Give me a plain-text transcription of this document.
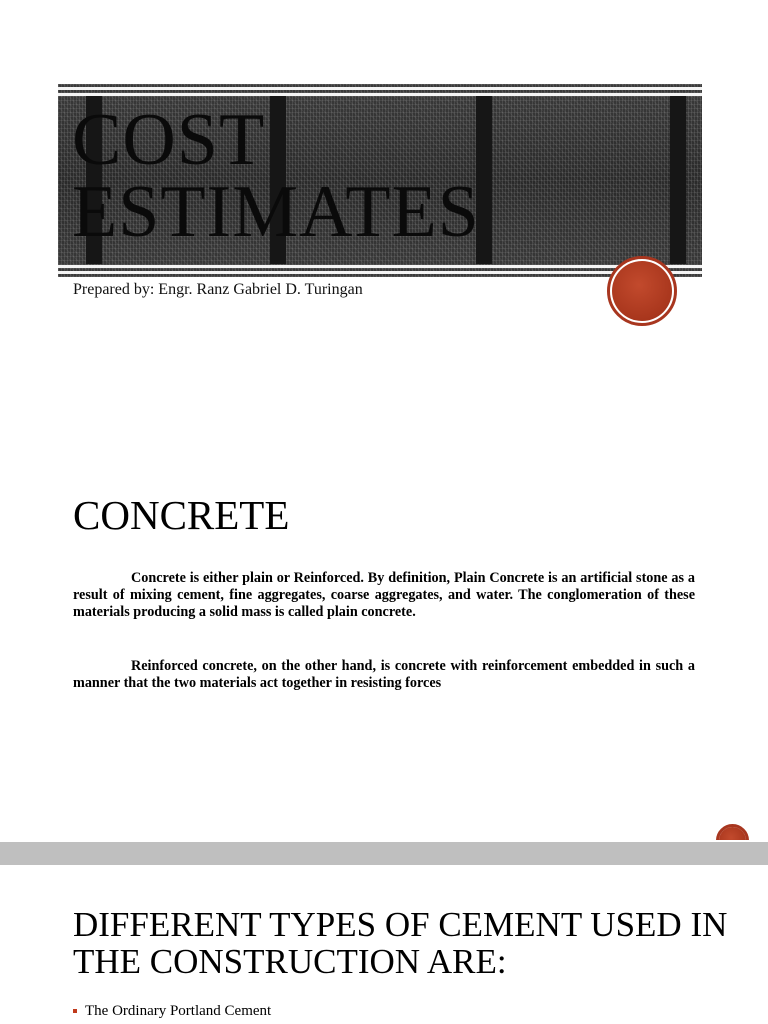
COST
ESTIMATES
Prepared by: Engr. Ranz Gabriel D. Turingan
CONCRETE

Concrete is either plain or Reinforced. By definition, Plain Concrete is an artificial stone as a result of mixing cement, fine aggregates, coarse aggregates, and water. The conglomeration of these materials producing a solid mass is called plain concrete.

Reinforced concrete, on the other hand, is concrete with reinforcement embedded in such a manner that the two materials act together in resisting forces

DIFFERENT TYPES OF CEMENT USED IN THE CONSTRUCTION ARE:
The Ordinary Portland Cement
